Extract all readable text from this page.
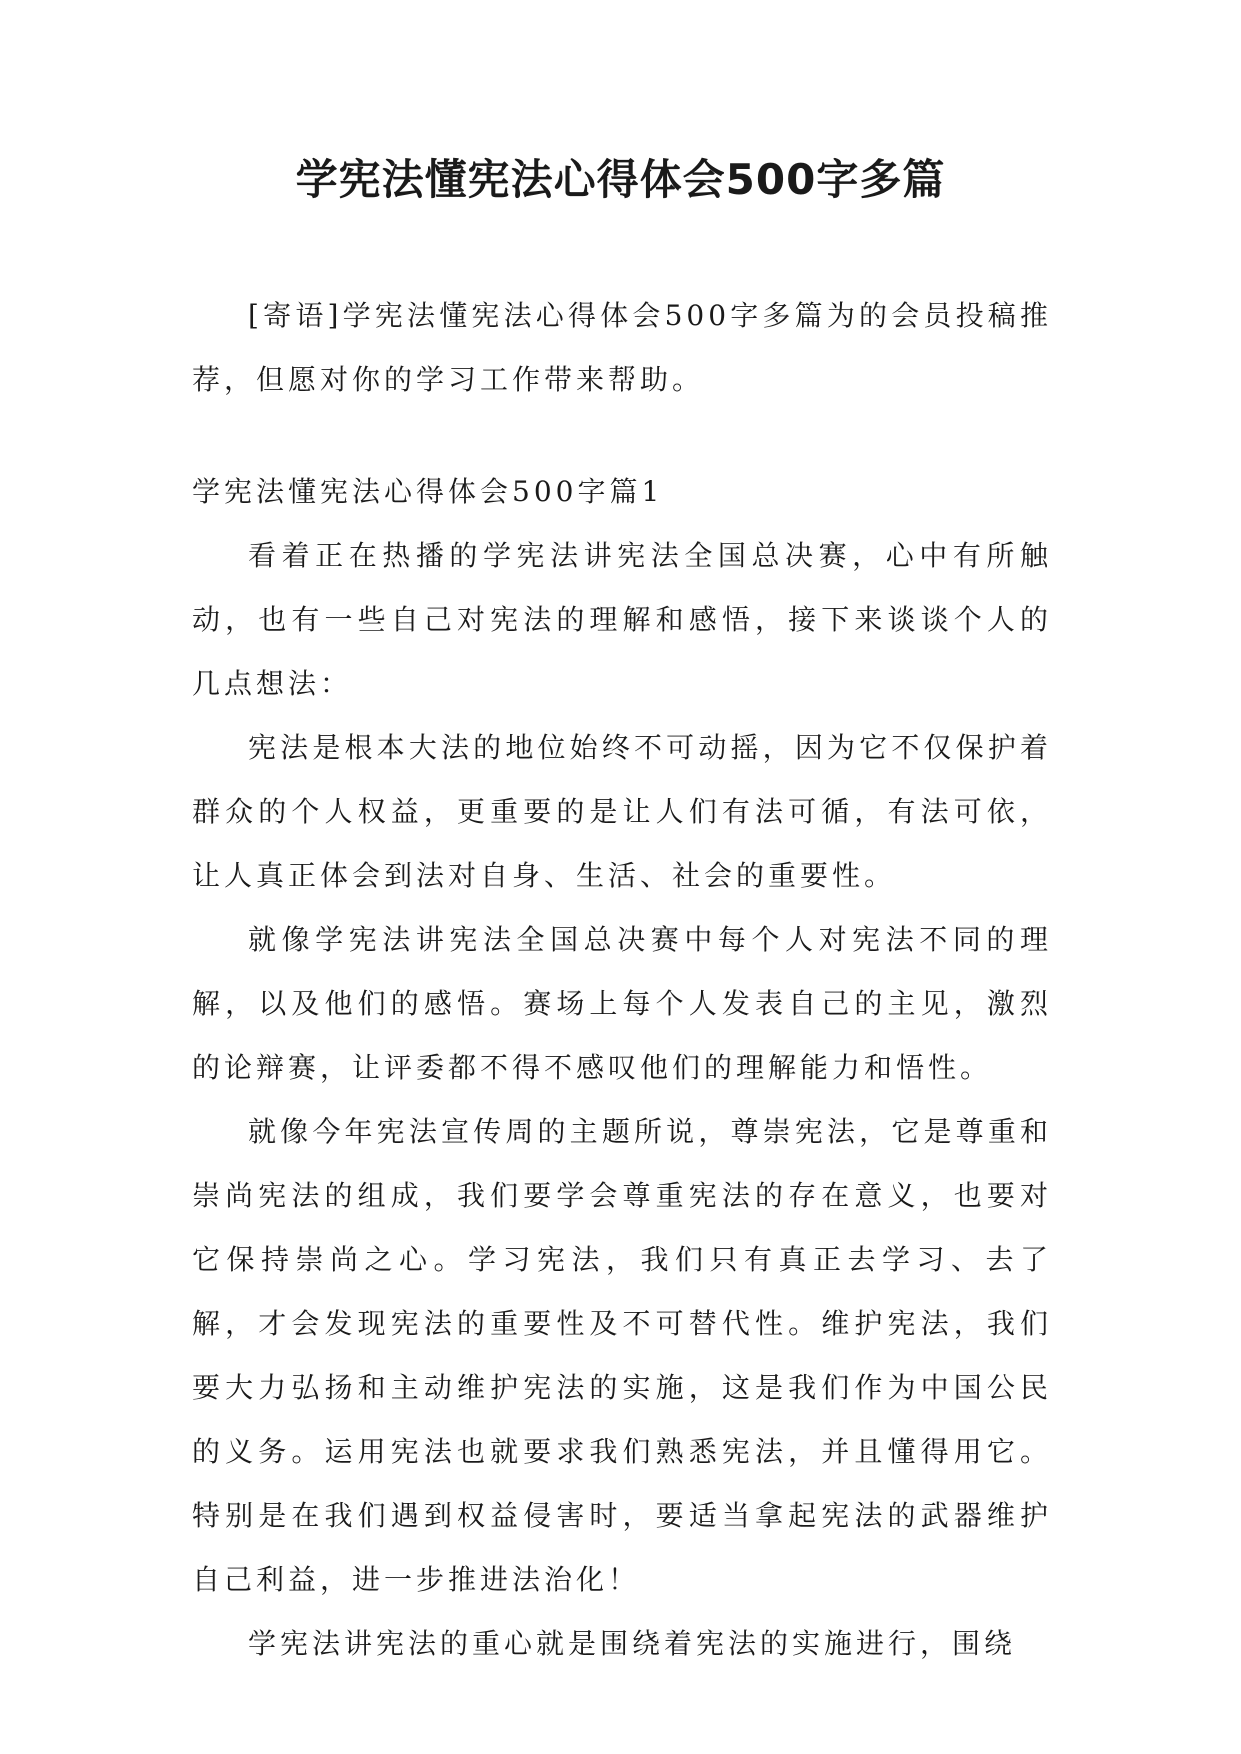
学宪法懂宪法心得体会500字多篇

[寄语]学宪法懂宪法心得体会500字多篇为的会员投稿推荐，但愿对你的学习工作带来帮助。

学宪法懂宪法心得体会500字篇1

看着正在热播的学宪法讲宪法全国总决赛，心中有所触动，也有一些自己对宪法的理解和感悟，接下来谈谈个人的几点想法：

宪法是根本大法的地位始终不可动摇，因为它不仅保护着群众的个人权益，更重要的是让人们有法可循，有法可依，让人真正体会到法对自身、生活、社会的重要性。

就像学宪法讲宪法全国总决赛中每个人对宪法不同的理解，以及他们的感悟。赛场上每个人发表自己的主见，激烈的论辩赛，让评委都不得不感叹他们的理解能力和悟性。

就像今年宪法宣传周的主题所说，尊崇宪法，它是尊重和崇尚宪法的组成，我们要学会尊重宪法的存在意义，也要对它保持崇尚之心。学习宪法，我们只有真正去学习、去了解，才会发现宪法的重要性及不可替代性。维护宪法，我们要大力弘扬和主动维护宪法的实施，这是我们作为中国公民的义务。运用宪法也就要求我们熟悉宪法，并且懂得用它。特别是在我们遇到权益侵害时，要适当拿起宪法的武器维护自己利益，进一步推进法治化！

学宪法讲宪法的重心就是围绕着宪法的实施进行，围绕
